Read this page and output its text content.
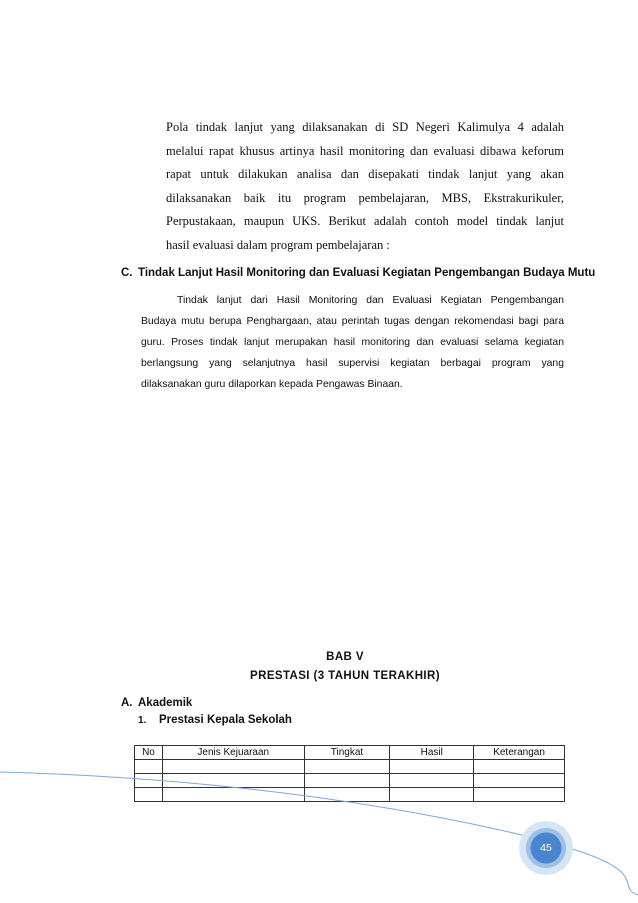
Pola tindak lanjut yang dilaksanakan di SD Negeri Kalimulya 4 adalah
melalui rapat khusus artinya hasil monitoring dan evaluasi dibawa keforum
rapat untuk dilakukan analisa dan disepakati tindak lanjut yang akan
dilaksanakan baik itu program pembelajaran, MBS, Ekstrakurikuler,
Perpustakaan, maupun UKS. Berikut adalah contoh model tindak lanjut
hasil evaluasi dalam program pembelajaran :
C. Tindak Lanjut Hasil Monitoring dan Evaluasi Kegiatan Pengembangan Budaya Mutu
Tindak lanjut dari Hasil Monitoring dan Evaluasi Kegiatan Pengembangan
Budaya mutu berupa Penghargaan, atau perintah tugas dengan rekomendasi bagi para
guru. Proses tindak lanjut merupakan hasil monitoring dan evaluasi selama kegiatan
berlangsung yang selanjutnya hasil supervisi kegiatan berbagai program yang
dilaksanakan guru dilaporkan kepada Pengawas Binaan.
BAB V
PRESTASI (3 TAHUN TERAKHIR)
A. Akademik
1. Prestasi Kepala Sekolah
No	Jenis Kejuaraan	Tingkat	Hasil	Keterangan

45
